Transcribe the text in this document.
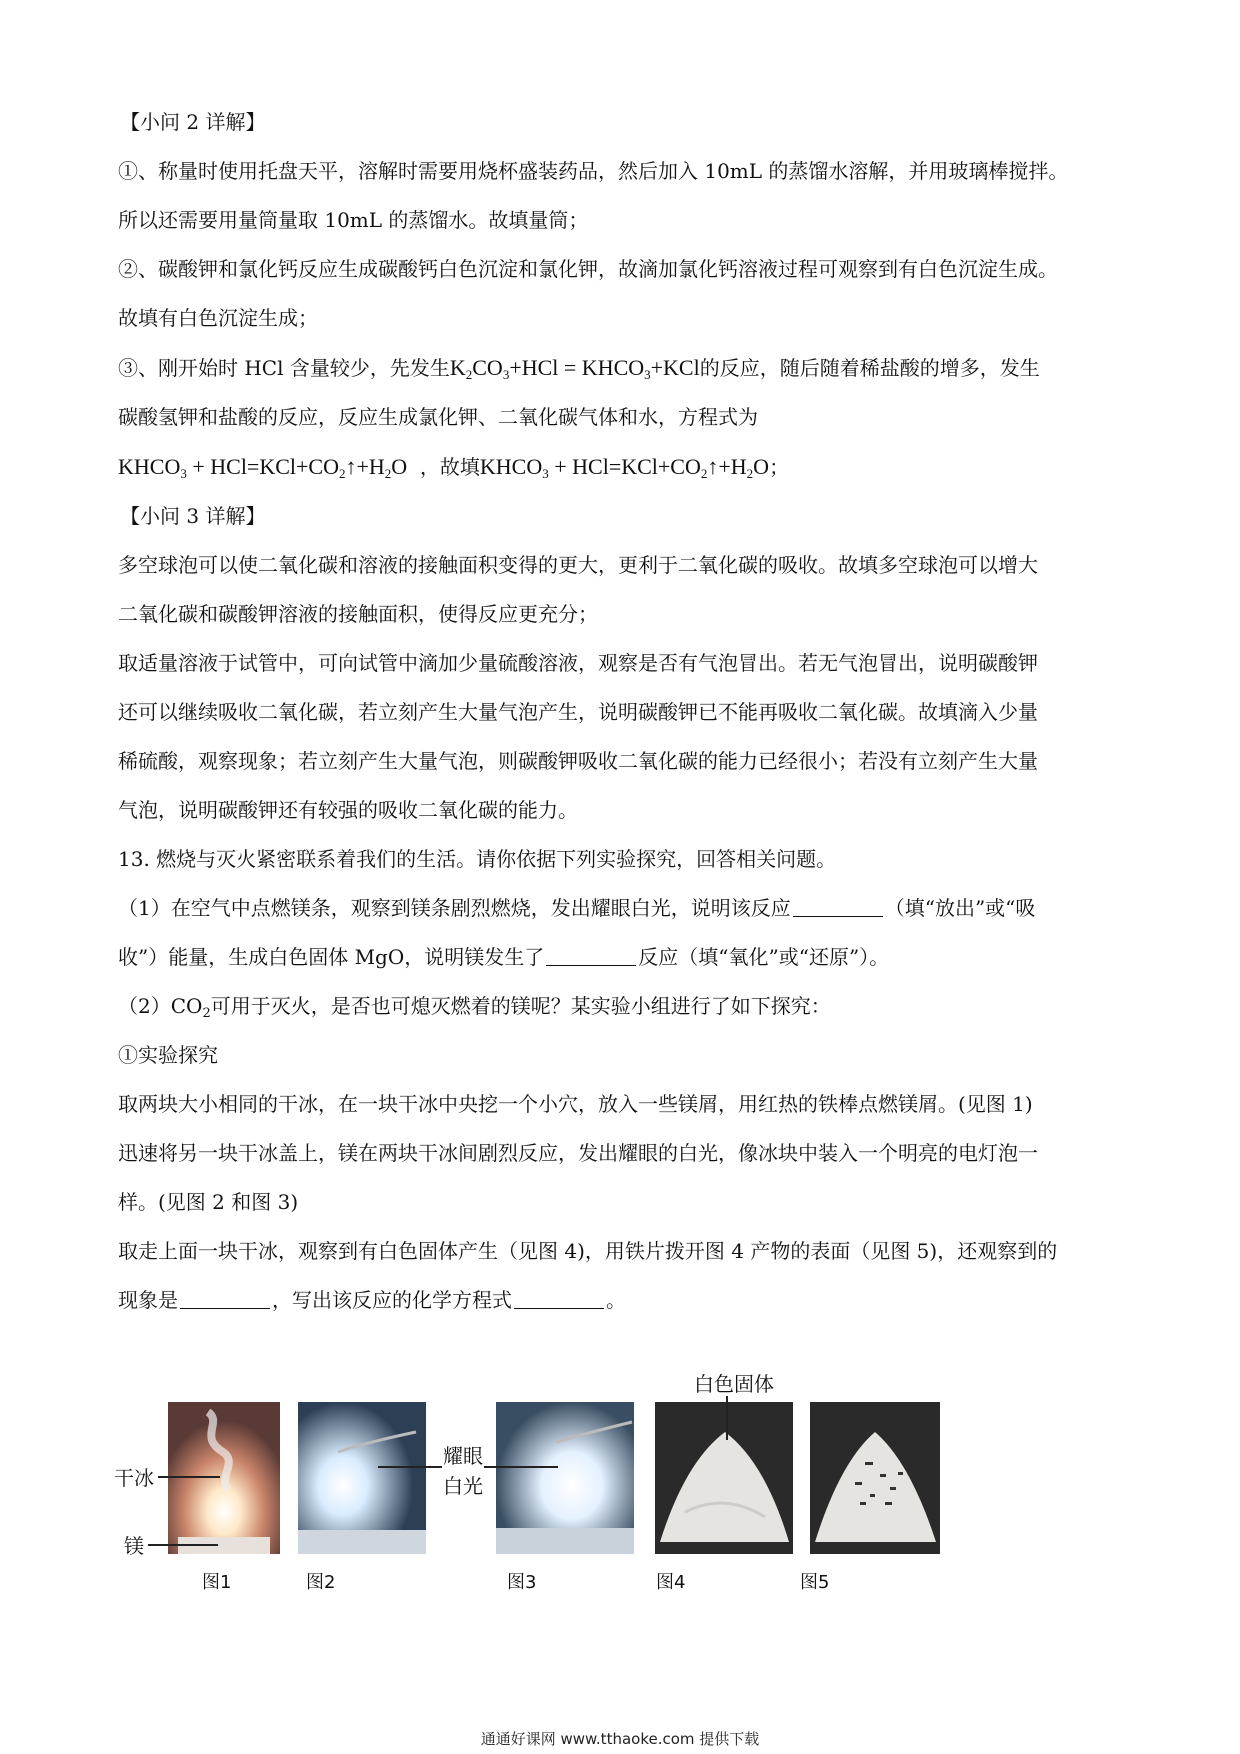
【小问 2 详解】
①、称量时使用托盘天平，溶解时需要用烧杯盛装药品，然后加入 10mL 的蒸馏水溶解，并用玻璃棒搅拌。
所以还需要用量筒量取 10mL 的蒸馏水。故填量筒；
②、碳酸钾和氯化钙反应生成碳酸钙白色沉淀和氯化钾，故滴加氯化钙溶液过程可观察到有白色沉淀生成。
故填有白色沉淀生成；
③、刚开始时 HCl 含量较少，先发生$K_2CO_3+HCl$ = $KHCO_3+KCl$的反应，随后随着稀盐酸的增多，发生
碳酸氢钾和盐酸的反应，反应生成氯化钾、二氧化碳气体和水，方程式为
$KHCO_3$ + $HCl=KCl+CO_2↑+H_2O$ ，故填$KHCO_3$ + $HCl=KCl+CO_2↑+H_2O$；
【小问 3 详解】
多空球泡可以使二氧化碳和溶液的接触面积变得的更大，更利于二氧化碳的吸收。故填多空球泡可以增大
二氧化碳和碳酸钾溶液的接触面积，使得反应更充分；
取适量溶液于试管中，可向试管中滴加少量硫酸溶液，观察是否有气泡冒出。若无气泡冒出，说明碳酸钾
还可以继续吸收二氧化碳，若立刻产生大量气泡产生，说明碳酸钾已不能再吸收二氧化碳。故填滴入少量
稀硫酸，观察现象；若立刻产生大量气泡，则碳酸钾吸收二氧化碳的能力已经很小；若没有立刻产生大量
气泡，说明碳酸钾还有较强的吸收二氧化碳的能力。
13. 燃烧与灭火紧密联系着我们的生活。请你依据下列实验探究，回答相关问题。
（1）在空气中点燃镁条，观察到镁条剧烈燃烧，发出耀眼白光，说明该反应	（填“放出”或“吸
收”）能量，生成白色固体 MgO，说明镁发生了	反应（填“氧化”或“还原”）。
$(2)CO_2$可用于灭火，是否也可熄灭燃着的镁呢？某实验小组进行了如下探究：
①实验探究
取两块大小相同的干冰，在一块干冰中央挖一个小穴，放入一些镁屑，用红热的铁棒点燃镁屑。(见图 1)
迅速将另一块干冰盖上，镁在两块干冰间剧烈反应，发出耀眼的白光，像冰块中装入一个明亮的电灯泡一
样。(见图 2 和图 3)
取走上面一块干冰，观察到有白色固体产生（见图 4)，用铁片拨开图 4 产物的表面（见图 5)，还观察到的
现象是	，写出该反应的化学方程式	。
干冰
镁
耀眼
白光
白色固体
图1	图2	图3	图4	图5
通通好课网 www.tthaoke.com 提供下载
